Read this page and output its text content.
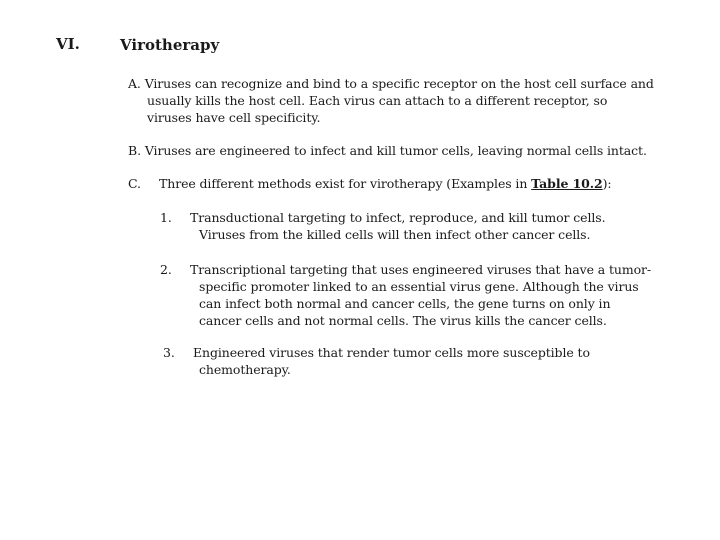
VI.	Virotherapy
A. Viruses can recognize and bind to a specific receptor on the host cell surface and
usually kills the host cell. Each virus can attach to a different receptor, so
viruses have cell specificity.
B. Viruses are engineered to infect and kill tumor cells, leaving normal cells intact.
C. Three different methods exist for virotherapy (Examples in Table 10.2):
1. Transductional targeting to infect, reproduce, and kill tumor cells.
Viruses from the killed cells will then infect other cancer cells.
2. Transcriptional targeting that uses engineered viruses that have a tumor-
specific promoter linked to an essential virus gene. Although the virus
can infect both normal and cancer cells, the gene turns on only in
cancer cells and not normal cells. The virus kills the cancer cells.
3. Engineered viruses that render tumor cells more susceptible to
chemotherapy.
